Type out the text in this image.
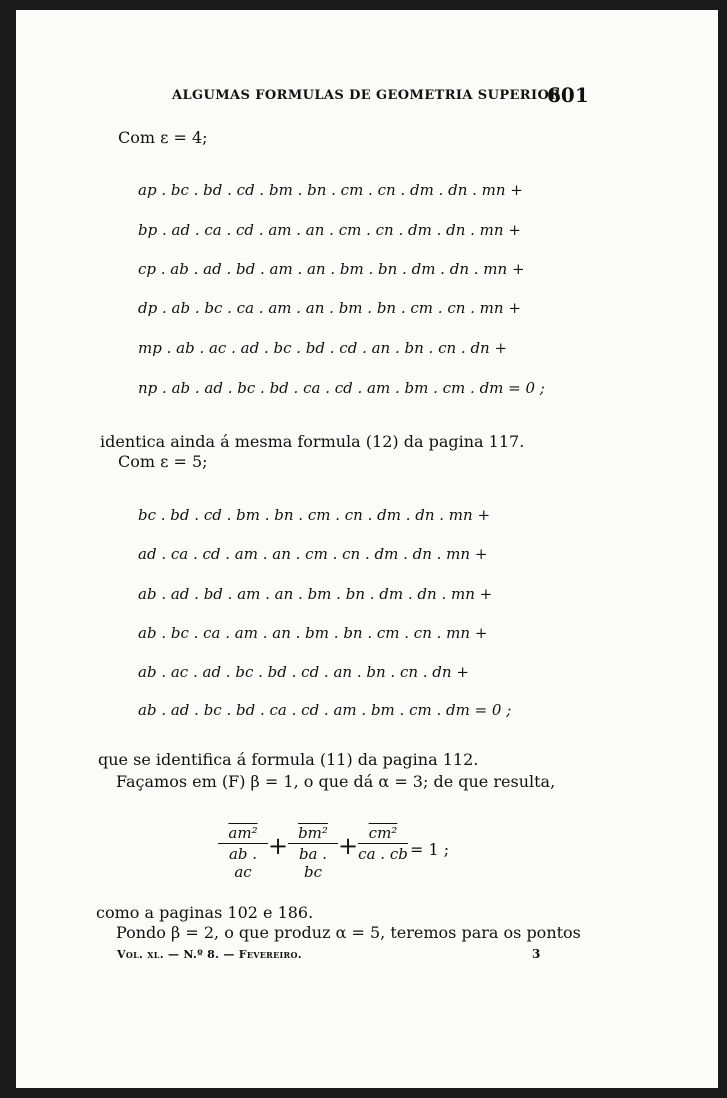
ALGUMAS FORMULAS DE GEOMETRIA SUPERIOR
601
Com ε = 4;
ap . bc . bd . cd . bm . bn . cm . cn . dm . dn . mn +
bp . ad . ca . cd . am . an . cm . cn . dm . dn . mn +
cp . ab . ad . bd . am . an . bm . bn . dm . dn . mn +
dp . ab . bc . ca . am . an . bm . bn . cm . cn . mn +
mp . ab . ac . ad . bc . bd . cd . an . bn . cn . dn +
np . ab . ad . bc . bd . ca . cd . am . bm . cm . dm = 0 ;
identica ainda á mesma formula (12) da pagina 117.
Com ε = 5;
bc . bd . cd . bm . bn . cm . cn . dm . dn . mn +
ad . ca . cd . am . an . cm . cn . dm . dn . mn +
ab . ad . bd . am . an . bm . bn . dm . dn . mn +
ab . bc . ca . am . an . bm . bn . cm . cn . mn +
ab . ac . ad . bc . bd . cd . an . bn . cn . dn +
ab . ad . bc . bd . ca . cd . am . bm . cm . dm = 0 ;
que se identifica á formula (11) da pagina 112.
Façamos em (F) β = 1, o que dá α = 3; de que resulta,
am²
ab . ac
+ bm²
ba . bc
+ cm²
ca . cb = 1 ;
como a paginas 102 e 186.
Pondo β = 2, o que produz α = 5, teremos para os pontos
Vol. xl. — N.º 8. — Fevereiro.	3
